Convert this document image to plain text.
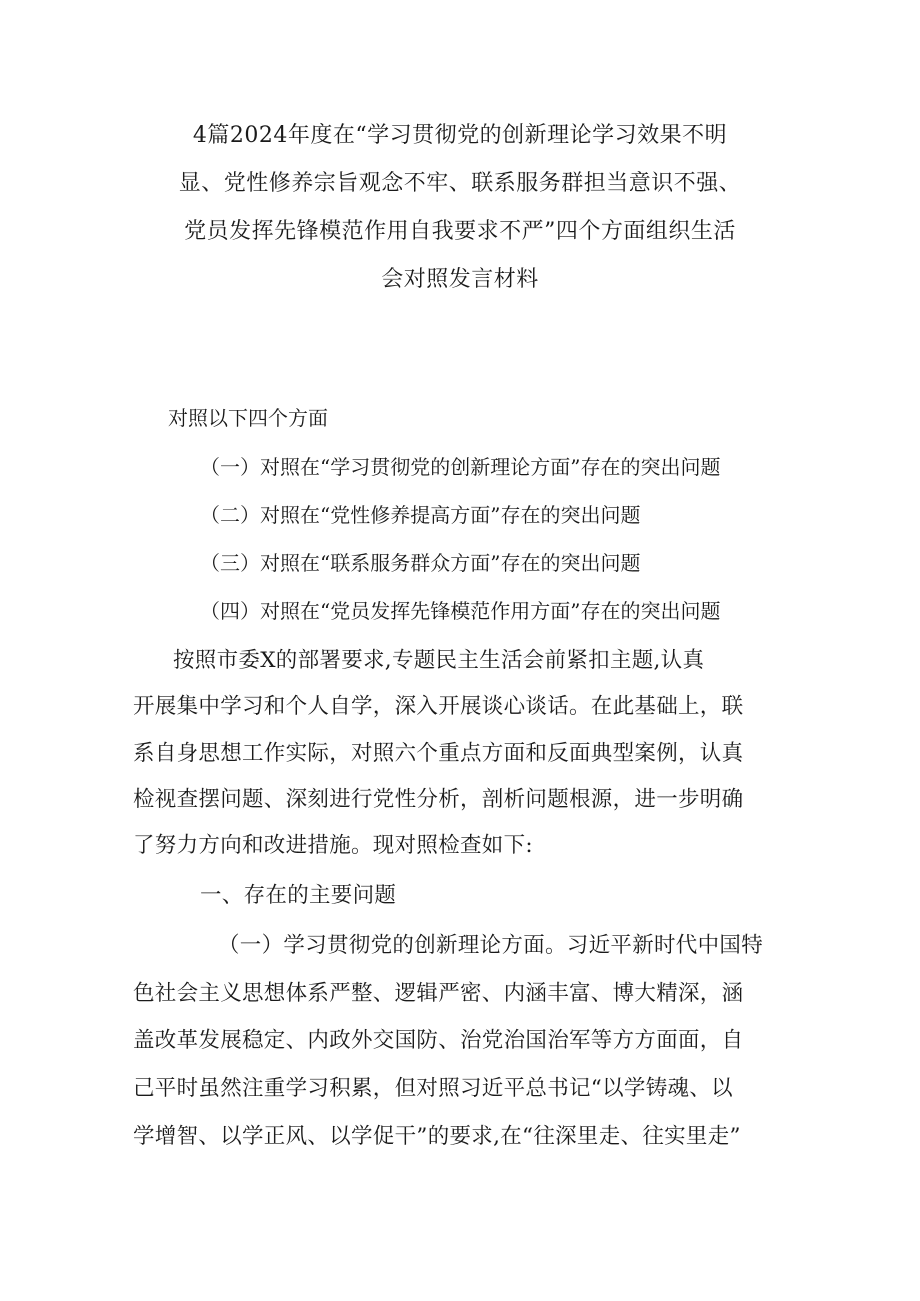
4篇2024年度在“学习贯彻党的创新理论学习效果不明
显、党性修养宗旨观念不牢、联系服务群担当意识不强、
党员发挥先锋模范作用自我要求不严”四个方面组织生活
会对照发言材料
对照以下四个方面
（一）对照在“学习贯彻党的创新理论方面”存在的突出问题
（二）对照在“党性修养提高方面”存在的突出问题
（三）对照在“联系服务群众方面”存在的突出问题
（四）对照在“党员发挥先锋模范作用方面”存在的突出问题
按照市委X的部署要求,专题民主生活会前紧扣主题,认真
开展集中学习和个人自学，深入开展谈心谈话。在此基础上，联
系自身思想工作实际，对照六个重点方面和反面典型案例，认真
检视查摆问题、深刻进行党性分析，剖析问题根源，进一步明确
了努力方向和改进措施。现对照检查如下:
一、存在的主要问题
（一）学习贯彻党的创新理论方面。习近平新时代中国特
色社会主义思想体系严整、逻辑严密、内涵丰富、博大精深，涵
盖改革发展稳定、内政外交国防、治党治国治军等方方面面，自
己平时虽然注重学习积累，但对照习近平总书记“以学铸魂、以
学增智、以学正风、以学促干”的要求,在“往深里走、往实里走”
